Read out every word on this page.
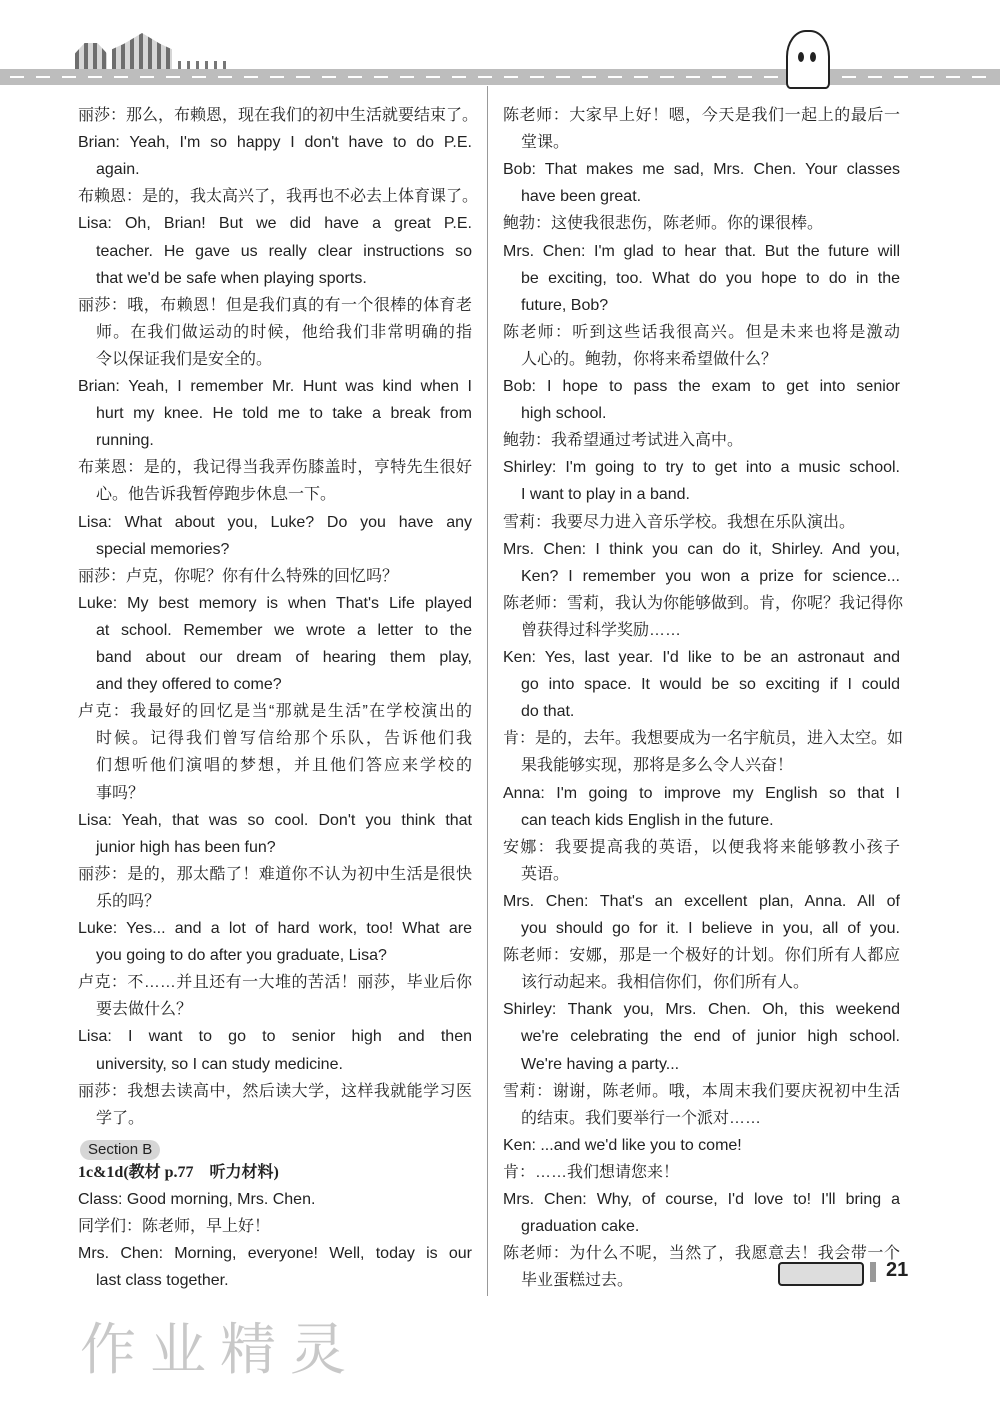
丽莎：那么，布赖恩，现在我们的初中生活就要结束了。
Brian: Yeah, I'm so happy I don't have to do P.E.
again.
布赖恩：是的，我太高兴了，我再也不必去上体育课了。
Lisa: Oh, Brian! But we did have a great P.E.
teacher. He gave us really clear instructions so
that we'd be safe when playing sports.
丽莎：哦，布赖恩！但是我们真的有一个很棒的体育老
师。在我们做运动的时候，他给我们非常明确的指
令以保证我们是安全的。
Brian: Yeah, I remember Mr. Hunt was kind when I
hurt my knee. He told me to take a break from
running.
布莱恩：是的，我记得当我弄伤膝盖时，亨特先生很好
心。他告诉我暂停跑步休息一下。
Lisa: What about you, Luke? Do you have any
special memories?
丽莎：卢克，你呢？你有什么特殊的回忆吗？
Luke: My best memory is when That's Life played
at school. Remember we wrote a letter to the
band about our dream of hearing them play,
and they offered to come?
卢克：我最好的回忆是当“那就是生活”在学校演出的
时候。记得我们曾写信给那个乐队，告诉他们我
们想听他们演唱的梦想，并且他们答应来学校的
事吗？
Lisa: Yeah, that was so cool. Don't you think that
junior high has been fun?
丽莎：是的，那太酷了！难道你不认为初中生活是很快
乐的吗？
Luke: Yes... and a lot of hard work, too! What are
you going to do after you graduate, Lisa?
卢克：不……并且还有一大堆的苦活！丽莎，毕业后你
要去做什么？
Lisa: I want to go to senior high and then
university, so I can study medicine.
丽莎：我想去读高中，然后读大学，这样我就能学习医
学了。
1c&1d(教材 p.77　听力材料)
Class: Good morning, Mrs. Chen.
同学们：陈老师，早上好！
Mrs. Chen: Morning, everyone! Well, today is our
last class together.
陈老师：大家早上好！嗯，今天是我们一起上的最后一
堂课。
Bob: That makes me sad, Mrs. Chen. Your classes
have been great.
鲍勃：这使我很悲伤，陈老师。你的课很棒。
Mrs. Chen: I'm glad to hear that. But the future will
be exciting, too. What do you hope to do in the
future, Bob?
陈老师：听到这些话我很高兴。但是未来也将是激动
人心的。鲍勃，你将来希望做什么？
Bob: I hope to pass the exam to get into senior
high school.
鲍勃：我希望通过考试进入高中。
Shirley: I'm going to try to get into a music school.
I want to play in a band.
雪莉：我要尽力进入音乐学校。我想在乐队演出。
Mrs. Chen: I think you can do it, Shirley. And you,
Ken? I remember you won a prize for science...
陈老师：雪莉，我认为你能够做到。肯，你呢？我记得你
曾获得过科学奖励……
Ken: Yes, last year. I'd like to be an astronaut and
go into space. It would be so exciting if I could
do that.
肯：是的，去年。我想要成为一名宇航员，进入太空。如
果我能够实现，那将是多么令人兴奋！
Anna: I'm going to improve my English so that I
can teach kids English in the future.
安娜：我要提高我的英语，以便我将来能够教小孩子
英语。
Mrs. Chen: That's an excellent plan, Anna. All of
you should go for it. I believe in you, all of you.
陈老师：安娜，那是一个极好的计划。你们所有人都应
该行动起来。我相信你们，你们所有人。
Shirley: Thank you, Mrs. Chen. Oh, this weekend
we're celebrating the end of junior high school.
We're having a party...
雪莉：谢谢，陈老师。哦，本周末我们要庆祝初中生活
的结束。我们要举行一个派对……
Ken: ...and we'd like you to come!
肯：……我们想请您来！
Mrs. Chen: Why, of course, I'd love to! I'll bring a
graduation cake.
陈老师：为什么不呢，当然了，我愿意去！我会带一个
毕业蛋糕过去。
Section B
21
作业精灵
